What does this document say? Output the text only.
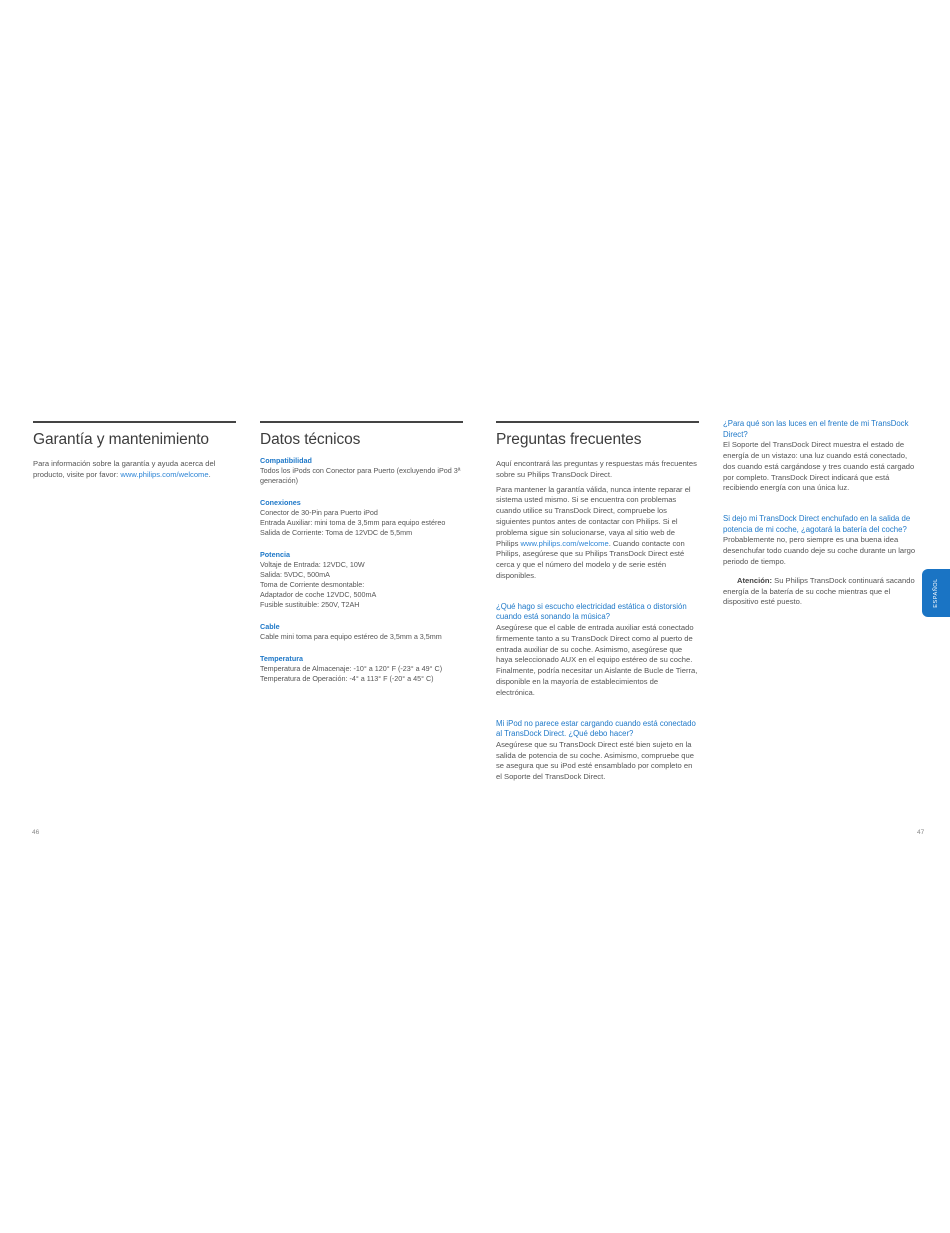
Garantía y mantenimiento

Para información sobre la garantía y ayuda acerca del producto, visite por favor: www.philips.com/welcome.

Datos técnicos

Compatibilidad

Todos los iPods con Conector para Puerto (excluyendo iPod 3ª generación)

Conexiones

Conector de 30-Pin para Puerto iPod

Entrada Auxiliar: mini toma de 3,5mm para equipo estéreo

Salida de Corriente: Toma de 12VDC de 5,5mm

Potencia

Voltaje de Entrada: 12VDC, 10W

Salida: 5VDC, 500mA

Toma de Corriente desmontable:

Adaptador de coche 12VDC, 500mA

Fusible sustituible: 250V, T2AH

Cable

Cable mini toma para equipo estéreo de 3,5mm a 3,5mm

Temperatura

Temperatura de Almacenaje: -10° a 120° F (-23° a 49° C)

Temperatura de Operación: -4° a 113° F (-20° a 45° C)

Preguntas frecuentes

Aquí encontrará las preguntas y respuestas más frecuentes sobre su Philips TransDock Direct.

Para mantener la garantía válida, nunca intente reparar el sistema usted mismo. Si se encuentra con problemas cuando utilice su TransDock Direct, compruebe los siguientes puntos antes de contactar con Philips. Si el problema sigue sin solucionarse, vaya al sitio web de Philips www.philips.com/welcome. Cuando contacte con Philips, asegúrese que su Philips TransDock Direct esté cerca y que el número del modelo y de serie estén disponibles.

¿Qué hago si escucho electricidad estática o distorsión cuando está sonando la música?

Asegúrese que el cable de entrada auxiliar está conectado firmemente tanto a su TransDock Direct como al puerto de entrada auxiliar de su coche. Asimismo, asegúrese que haya seleccionado AUX en el equipo estéreo de su coche. Finalmente, podría necesitar un Aislante de Bucle de Tierra, disponible en la mayoría de establecimientos de electrónica.

Mi iPod no parece estar cargando cuando está conectado al TransDock Direct. ¿Qué debo hacer?

Asegúrese que su TransDock Direct esté bien sujeto en la salida de potencia de su coche. Asimismo, compruebe que se asegura que su iPod esté ensamblado por completo en el Soporte del TransDock Direct.

¿Para qué son las luces en el frente de mi TransDock Direct?

El Soporte del TransDock Direct muestra el estado de energía de un vistazo: una luz cuando está conectado, dos cuando está cargándose y tres cuando está cargado por completo. TransDock Direct indicará que está recibiendo energía con una única luz.

Si dejo mi TransDock Direct enchufado en la salida de potencia de mi coche, ¿agotará la batería del coche?

Probablemente no, pero siempre es una buena idea desenchufar todo cuando deje su coche durante un largo periodo de tiempo.

Atención: Su Philips TransDock continuará sacando energía de la batería de su coche mientras que el dispositivo esté puesto.	ESPAÑOL
46	47
